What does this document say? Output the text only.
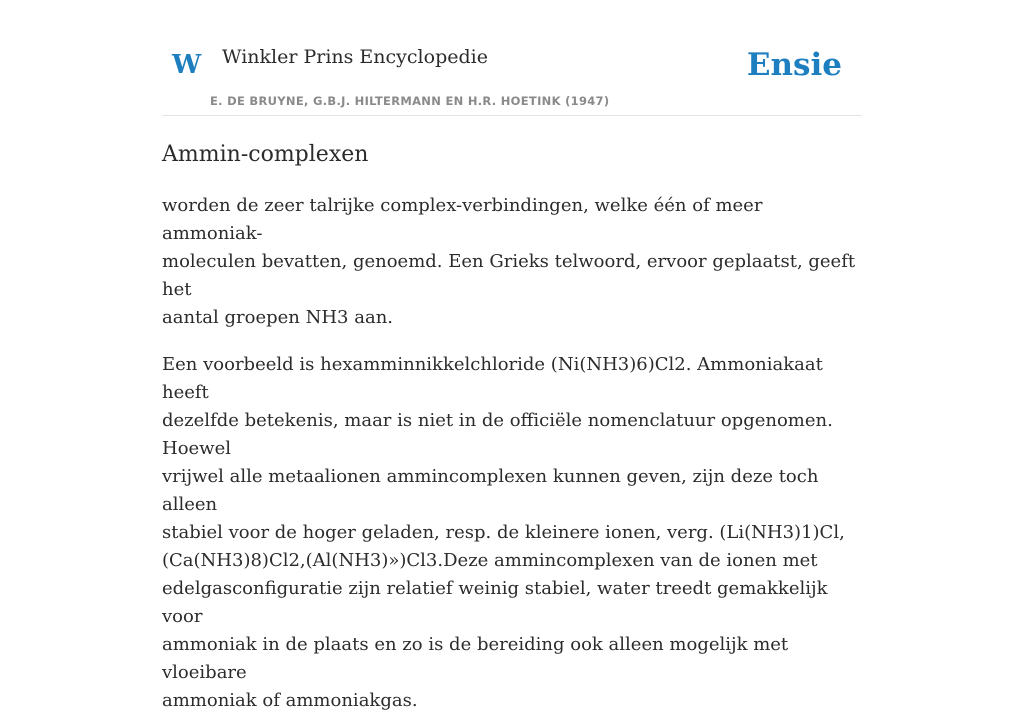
W Winkler Prins Encyclopedie
E. DE BRUYNE, G.B.J. HILTERMANN EN H.R. HOETINK (1947)
Ensie
Ammin-complexen

worden de zeer talrijke complex-verbindingen, welke één of meer ammoniak-
moleculen bevatten, genoemd. Een Grieks telwoord, ervoor geplaatst, geeft het
aantal groepen NH3 aan.

Een voorbeeld is hexamminnikkelchloride (Ni(NH3)6)Cl2. Ammoniakaat heeft
dezelfde betekenis, maar is niet in de officiële nomenclatuur opgenomen. Hoewel
vrijwel alle metaalionen ammincomplexen kunnen geven, zijn deze toch alleen
stabiel voor de hoger geladen, resp. de kleinere ionen, verg. (Li(NH3)1)Cl,
(Ca(NH3)8)Cl2,(Al(NH3)»)Cl3.Deze ammincomplexen van de ionen met
edelgasconfiguratie zijn relatief weinig stabiel, water treedt gemakkelijk voor
ammoniak in de plaats en zo is de bereiding ook alleen mogelijk met vloeibare
ammoniak of ammoniakgas.
